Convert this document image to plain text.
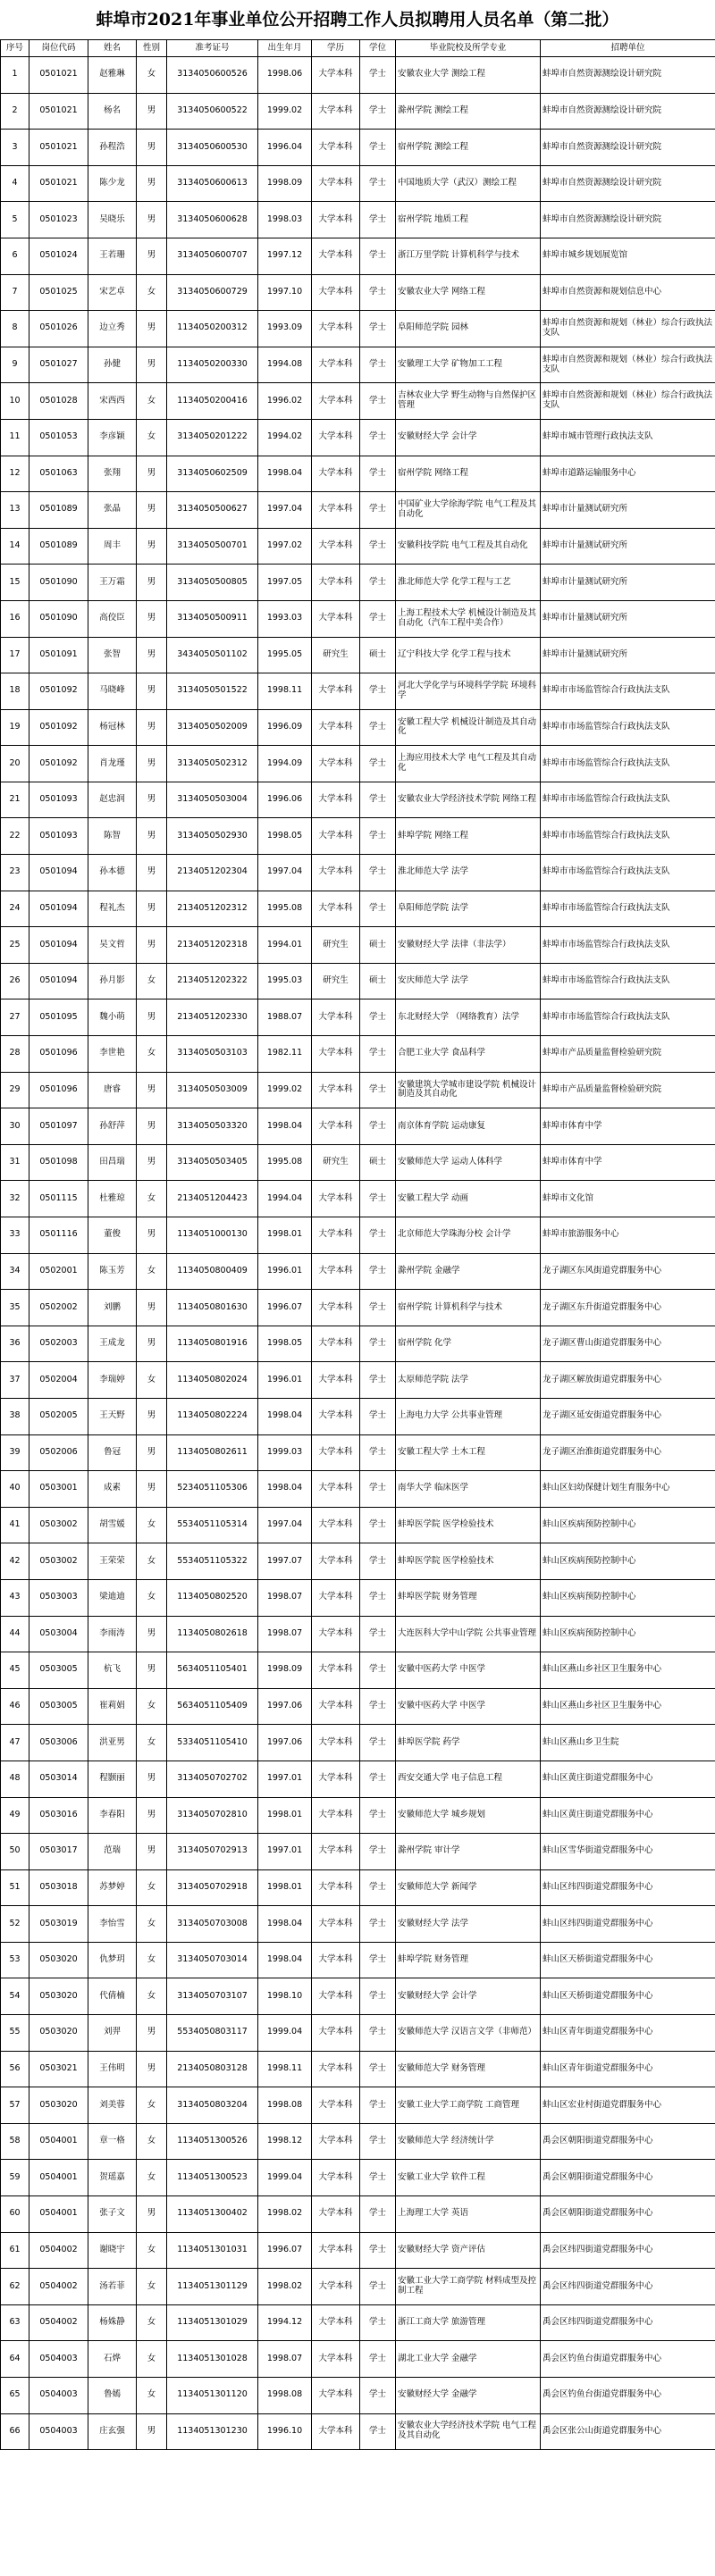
蚌埠市2021年事业单位公开招聘工作人员拟聘用人员名单（第二批）
序号	岗位代码	姓名	性别	准考证号	出生年月	学历	学位	毕业院校及所学专业	招聘单位
1	0501021	赵雅琳	女	3134050600526	1998.06	大学本科	学士	安徽农业大学 测绘工程	蚌埠市自然资源测绘设计研究院
2	0501021	杨名	男	3134050600522	1999.02	大学本科	学士	滁州学院 测绘工程	蚌埠市自然资源测绘设计研究院
3	0501021	孙程浩	男	3134050600530	1996.04	大学本科	学士	宿州学院 测绘工程	蚌埠市自然资源测绘设计研究院
4	0501021	陈少龙	男	3134050600613	1998.09	大学本科	学士	中国地质大学（武汉）测绘工程	蚌埠市自然资源测绘设计研究院
5	0501023	吴晓乐	男	3134050600628	1998.03	大学本科	学士	宿州学院 地质工程	蚌埠市自然资源测绘设计研究院
6	0501024	王若珊	男	3134050600707	1997.12	大学本科	学士	浙江万里学院 计算机科学与技术	蚌埠市城乡规划展览馆
7	0501025	宋艺卓	女	3134050600729	1997.10	大学本科	学士	安徽农业大学 网络工程	蚌埠市自然资源和规划信息中心
8	0501026	边立秀	男	1134050200312	1993.09	大学本科	学士	阜阳师范学院 园林	蚌埠市自然资源和规划（林业）综合行政执法支队
9	0501027	孙健	男	1134050200330	1994.08	大学本科	学士	安徽理工大学 矿物加工工程	蚌埠市自然资源和规划（林业）综合行政执法支队
10	0501028	宋西西	女	1134050200416	1996.02	大学本科	学士	吉林农业大学 野生动物与自然保护区管理	蚌埠市自然资源和规划（林业）综合行政执法支队
11	0501053	李彦颖	女	3134050201222	1994.02	大学本科	学士	安徽财经大学 会计学	蚌埠市城市管理行政执法支队
12	0501063	张翔	男	3134050602509	1998.04	大学本科	学士	宿州学院 网络工程	蚌埠市道路运输服务中心
13	0501089	张晶	男	3134050500627	1997.04	大学本科	学士	中国矿业大学徐海学院 电气工程及其自动化	蚌埠市计量测试研究所
14	0501089	周丰	男	3134050500701	1997.02	大学本科	学士	安徽科技学院 电气工程及其自动化	蚌埠市计量测试研究所
15	0501090	王万霜	男	3134050500805	1997.05	大学本科	学士	淮北师范大学 化学工程与工艺	蚌埠市计量测试研究所
16	0501090	高佼臣	男	3134050500911	1993.03	大学本科	学士	上海工程技术大学 机械设计制造及其自动化（汽车工程中美合作）	蚌埠市计量测试研究所
17	0501091	张智	男	3434050501102	1995.05	研究生	硕士	辽宁科技大学 化学工程与技术	蚌埠市计量测试研究所
18	0501092	马晓峰	男	3134050501522	1998.11	大学本科	学士	河北大学化学与环境科学学院 环境科学	蚌埠市市场监管综合行政执法支队
19	0501092	杨冠林	男	3134050502009	1996.09	大学本科	学士	安徽工程大学 机械设计制造及其自动化	蚌埠市市场监管综合行政执法支队
20	0501092	肖龙瑾	男	3134050502312	1994.09	大学本科	学士	上海应用技术大学 电气工程及其自动化	蚌埠市市场监管综合行政执法支队
21	0501093	赵忠润	男	3134050503004	1996.06	大学本科	学士	安徽农业大学经济技术学院 网络工程	蚌埠市市场监管综合行政执法支队
22	0501093	陈智	男	3134050502930	1998.05	大学本科	学士	蚌埠学院 网络工程	蚌埠市市场监管综合行政执法支队
23	0501094	孙本德	男	2134051202304	1997.04	大学本科	学士	淮北师范大学 法学	蚌埠市市场监管综合行政执法支队
24	0501094	程礼杰	男	2134051202312	1995.08	大学本科	学士	阜阳师范学院 法学	蚌埠市市场监管综合行政执法支队
25	0501094	吴文哲	男	2134051202318	1994.01	研究生	硕士	安徽财经大学 法律（非法学）	蚌埠市市场监管综合行政执法支队
26	0501094	孙月影	女	2134051202322	1995.03	研究生	硕士	安庆师范大学 法学	蚌埠市市场监管综合行政执法支队
27	0501095	魏小萌	男	2134051202330	1988.07	大学本科	学士	东北财经大学 （网络教育）法学	蚌埠市市场监管综合行政执法支队
28	0501096	李世艳	女	3134050503103	1982.11	大学本科	学士	合肥工业大学 食品科学	蚌埠市产品质量监督检验研究院
29	0501096	唐睿	男	3134050503009	1999.02	大学本科	学士	安徽建筑大学城市建设学院 机械设计制造及其自动化	蚌埠市产品质量监督检验研究院
30	0501097	孙舒萍	男	3134050503320	1998.04	大学本科	学士	南京体育学院 运动康复	蚌埠市体育中学
31	0501098	田昌瑞	男	3134050503405	1995.08	研究生	硕士	安徽师范大学 运动人体科学	蚌埠市体育中学
32	0501115	杜雅琼	女	2134051204423	1994.04	大学本科	学士	安徽工程大学 动画	蚌埠市文化馆
33	0501116	董俊	男	1134051000130	1998.01	大学本科	学士	北京师范大学珠海分校 会计学	蚌埠市旅游服务中心
34	0502001	陈玉芳	女	1134050800409	1996.01	大学本科	学士	滁州学院 金融学	龙子湖区东风街道党群服务中心
35	0502002	刘鹏	男	1134050801630	1996.07	大学本科	学士	宿州学院 计算机科学与技术	龙子湖区东升街道党群服务中心
36	0502003	王成龙	男	1134050801916	1998.05	大学本科	学士	宿州学院 化学	龙子湖区曹山街道党群服务中心
37	0502004	李瑞婷	女	1134050802024	1996.01	大学本科	学士	太原师范学院 法学	龙子湖区解放街道党群服务中心
38	0502005	王天野	男	1134050802224	1998.04	大学本科	学士	上海电力大学 公共事业管理	龙子湖区延安街道党群服务中心
39	0502006	鲁冠	男	1134050802611	1999.03	大学本科	学士	安徽工程大学 土木工程	龙子湖区治淮街道党群服务中心
40	0503001	成素	男	5234051105306	1998.04	大学本科	学士	南华大学 临床医学	蚌山区妇幼保健计划生育服务中心
41	0503002	胡雪媛	女	5534051105314	1997.04	大学本科	学士	蚌埠医学院 医学检验技术	蚌山区疾病预防控制中心
42	0503002	王荣荣	女	5534051105322	1997.07	大学本科	学士	蚌埠医学院 医学检验技术	蚌山区疾病预防控制中心
43	0503003	梁迪迪	女	1134050802520	1998.07	大学本科	学士	蚌埠医学院 财务管理	蚌山区疾病预防控制中心
44	0503004	李雨涛	男	1134050802618	1998.07	大学本科	学士	大连医科大学中山学院 公共事业管理	蚌山区疾病预防控制中心
45	0503005	杭飞	男	5634051105401	1998.09	大学本科	学士	安徽中医药大学 中医学	蚌山区燕山乡社区卫生服务中心
46	0503005	崔莉娟	女	5634051105409	1997.06	大学本科	学士	安徽中医药大学 中医学	蚌山区燕山乡社区卫生服务中心
47	0503006	洪亚男	女	5334051105410	1997.06	大学本科	学士	蚌埠医学院 药学	蚌山区燕山乡卫生院
48	0503014	程颢丽	男	3134050702702	1997.01	大学本科	学士	西安交通大学 电子信息工程	蚌山区黄庄街道党群服务中心
49	0503016	李春阳	男	3134050702810	1998.01	大学本科	学士	安徽师范大学 城乡规划	蚌山区黄庄街道党群服务中心
50	0503017	范瑞	男	3134050702913	1997.01	大学本科	学士	滁州学院 审计学	蚌山区雪华街道党群服务中心
51	0503018	苏梦婷	女	3134050702918	1998.01	大学本科	学士	安徽师范大学 新闻学	蚌山区纬四街道党群服务中心
52	0503019	李怡雪	女	3134050703008	1998.04	大学本科	学士	安徽财经大学 法学	蚌山区纬四街道党群服务中心
53	0503020	仇梦玥	女	3134050703014	1998.04	大学本科	学士	蚌埠学院 财务管理	蚌山区天桥街道党群服务中心
54	0503020	代倩楠	女	3134050703107	1998.10	大学本科	学士	安徽财经大学 会计学	蚌山区天桥街道党群服务中心
55	0503020	刘羿	男	5534050803117	1999.04	大学本科	学士	安徽师范大学 汉语言文学（非师范）	蚌山区青年街道党群服务中心
56	0503021	王伟明	男	2134050803128	1998.11	大学本科	学士	安徽师范大学 财务管理	蚌山区青年街道党群服务中心
57	0503020	刘美蓉	女	3134050803204	1998.08	大学本科	学士	安徽工业大学工商学院 工商管理	蚌山区宏业村街道党群服务中心
58	0504001	章一格	女	1134051300526	1998.12	大学本科	学士	安徽师范大学 经济统计学	禹会区朝阳街道党群服务中心
59	0504001	贺瑶嘉	女	1134051300523	1999.04	大学本科	学士	安徽工业大学 软件工程	禹会区朝阳街道党群服务中心
60	0504001	张子文	男	1134051300402	1998.02	大学本科	学士	上海理工大学 英语	禹会区朝阳街道党群服务中心
61	0504002	谢晓宇	女	1134051301031	1996.07	大学本科	学士	安徽财经大学 资产评估	禹会区纬四街道党群服务中心
62	0504002	汤若菲	女	1134051301129	1998.02	大学本科	学士	安徽工业大学工商学院 材料成型及控制工程	禹会区纬四街道党群服务中心
63	0504002	杨姝静	女	1134051301029	1994.12	大学本科	学士	浙江工商大学 旅游管理	禹会区纬四街道党群服务中心
64	0504003	石烨	女	1134051301028	1998.07	大学本科	学士	湖北工业大学 金融学	禹会区钓鱼台街道党群服务中心
65	0504003	鲁嫣	女	1134051301120	1998.08	大学本科	学士	安徽财经大学 金融学	禹会区钓鱼台街道党群服务中心
66	0504003	庄玄强	男	1134051301230	1996.10	大学本科	学士	安徽农业大学经济技术学院 电气工程及其自动化	禹会区张公山街道党群服务中心
